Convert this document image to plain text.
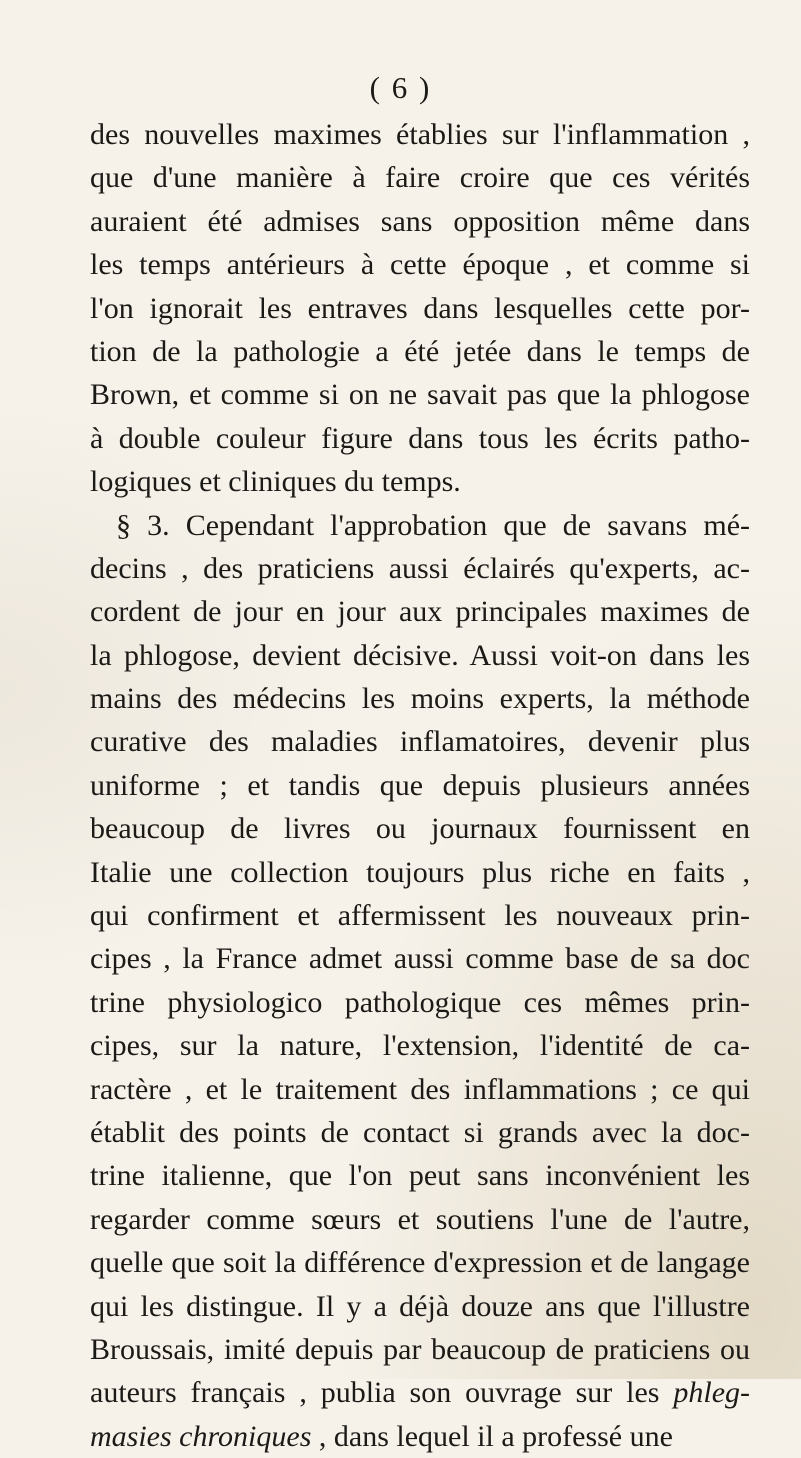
( 6 )
des nouvelles maximes établies sur l'inflammation ,
que d'une manière à faire croire que ces vérités
auraient été admises sans opposition même dans
les temps antérieurs à cette époque , et comme si
l'on ignorait les entraves dans lesquelles cette por-
tion de la pathologie a été jetée dans le temps de
Brown, et comme si on ne savait pas que la phlogose
à double couleur figure dans tous les écrits patho-
logiques et cliniques du temps.
§ 3. Cependant l'approbation que de savans mé-
decins , des praticiens aussi éclairés qu'experts, ac-
cordent de jour en jour aux principales maximes de
la phlogose, devient décisive. Aussi voit-on dans les
mains des médecins les moins experts, la méthode
curative des maladies inflamatoires, devenir plus
uniforme ; et tandis que depuis plusieurs années
beaucoup de livres ou journaux fournissent en
Italie une collection toujours plus riche en faits ,
qui confirment et affermissent les nouveaux prin-
cipes , la France admet aussi comme base de sa doc
trine physiologico pathologique ces mêmes prin-
cipes, sur la nature, l'extension, l'identité de ca-
ractère , et le traitement des inflammations ; ce qui
établit des points de contact si grands avec la doc-
trine italienne, que l'on peut sans inconvénient les
regarder comme sœurs et soutiens l'une de l'autre,
quelle que soit la différence d'expression et de langage
qui les distingue. Il y a déjà douze ans que l'illustre
Broussais, imité depuis par beaucoup de praticiens ou
auteurs français , publia son ouvrage sur les phleg-
masies chroniques , dans lequel il a professé une
